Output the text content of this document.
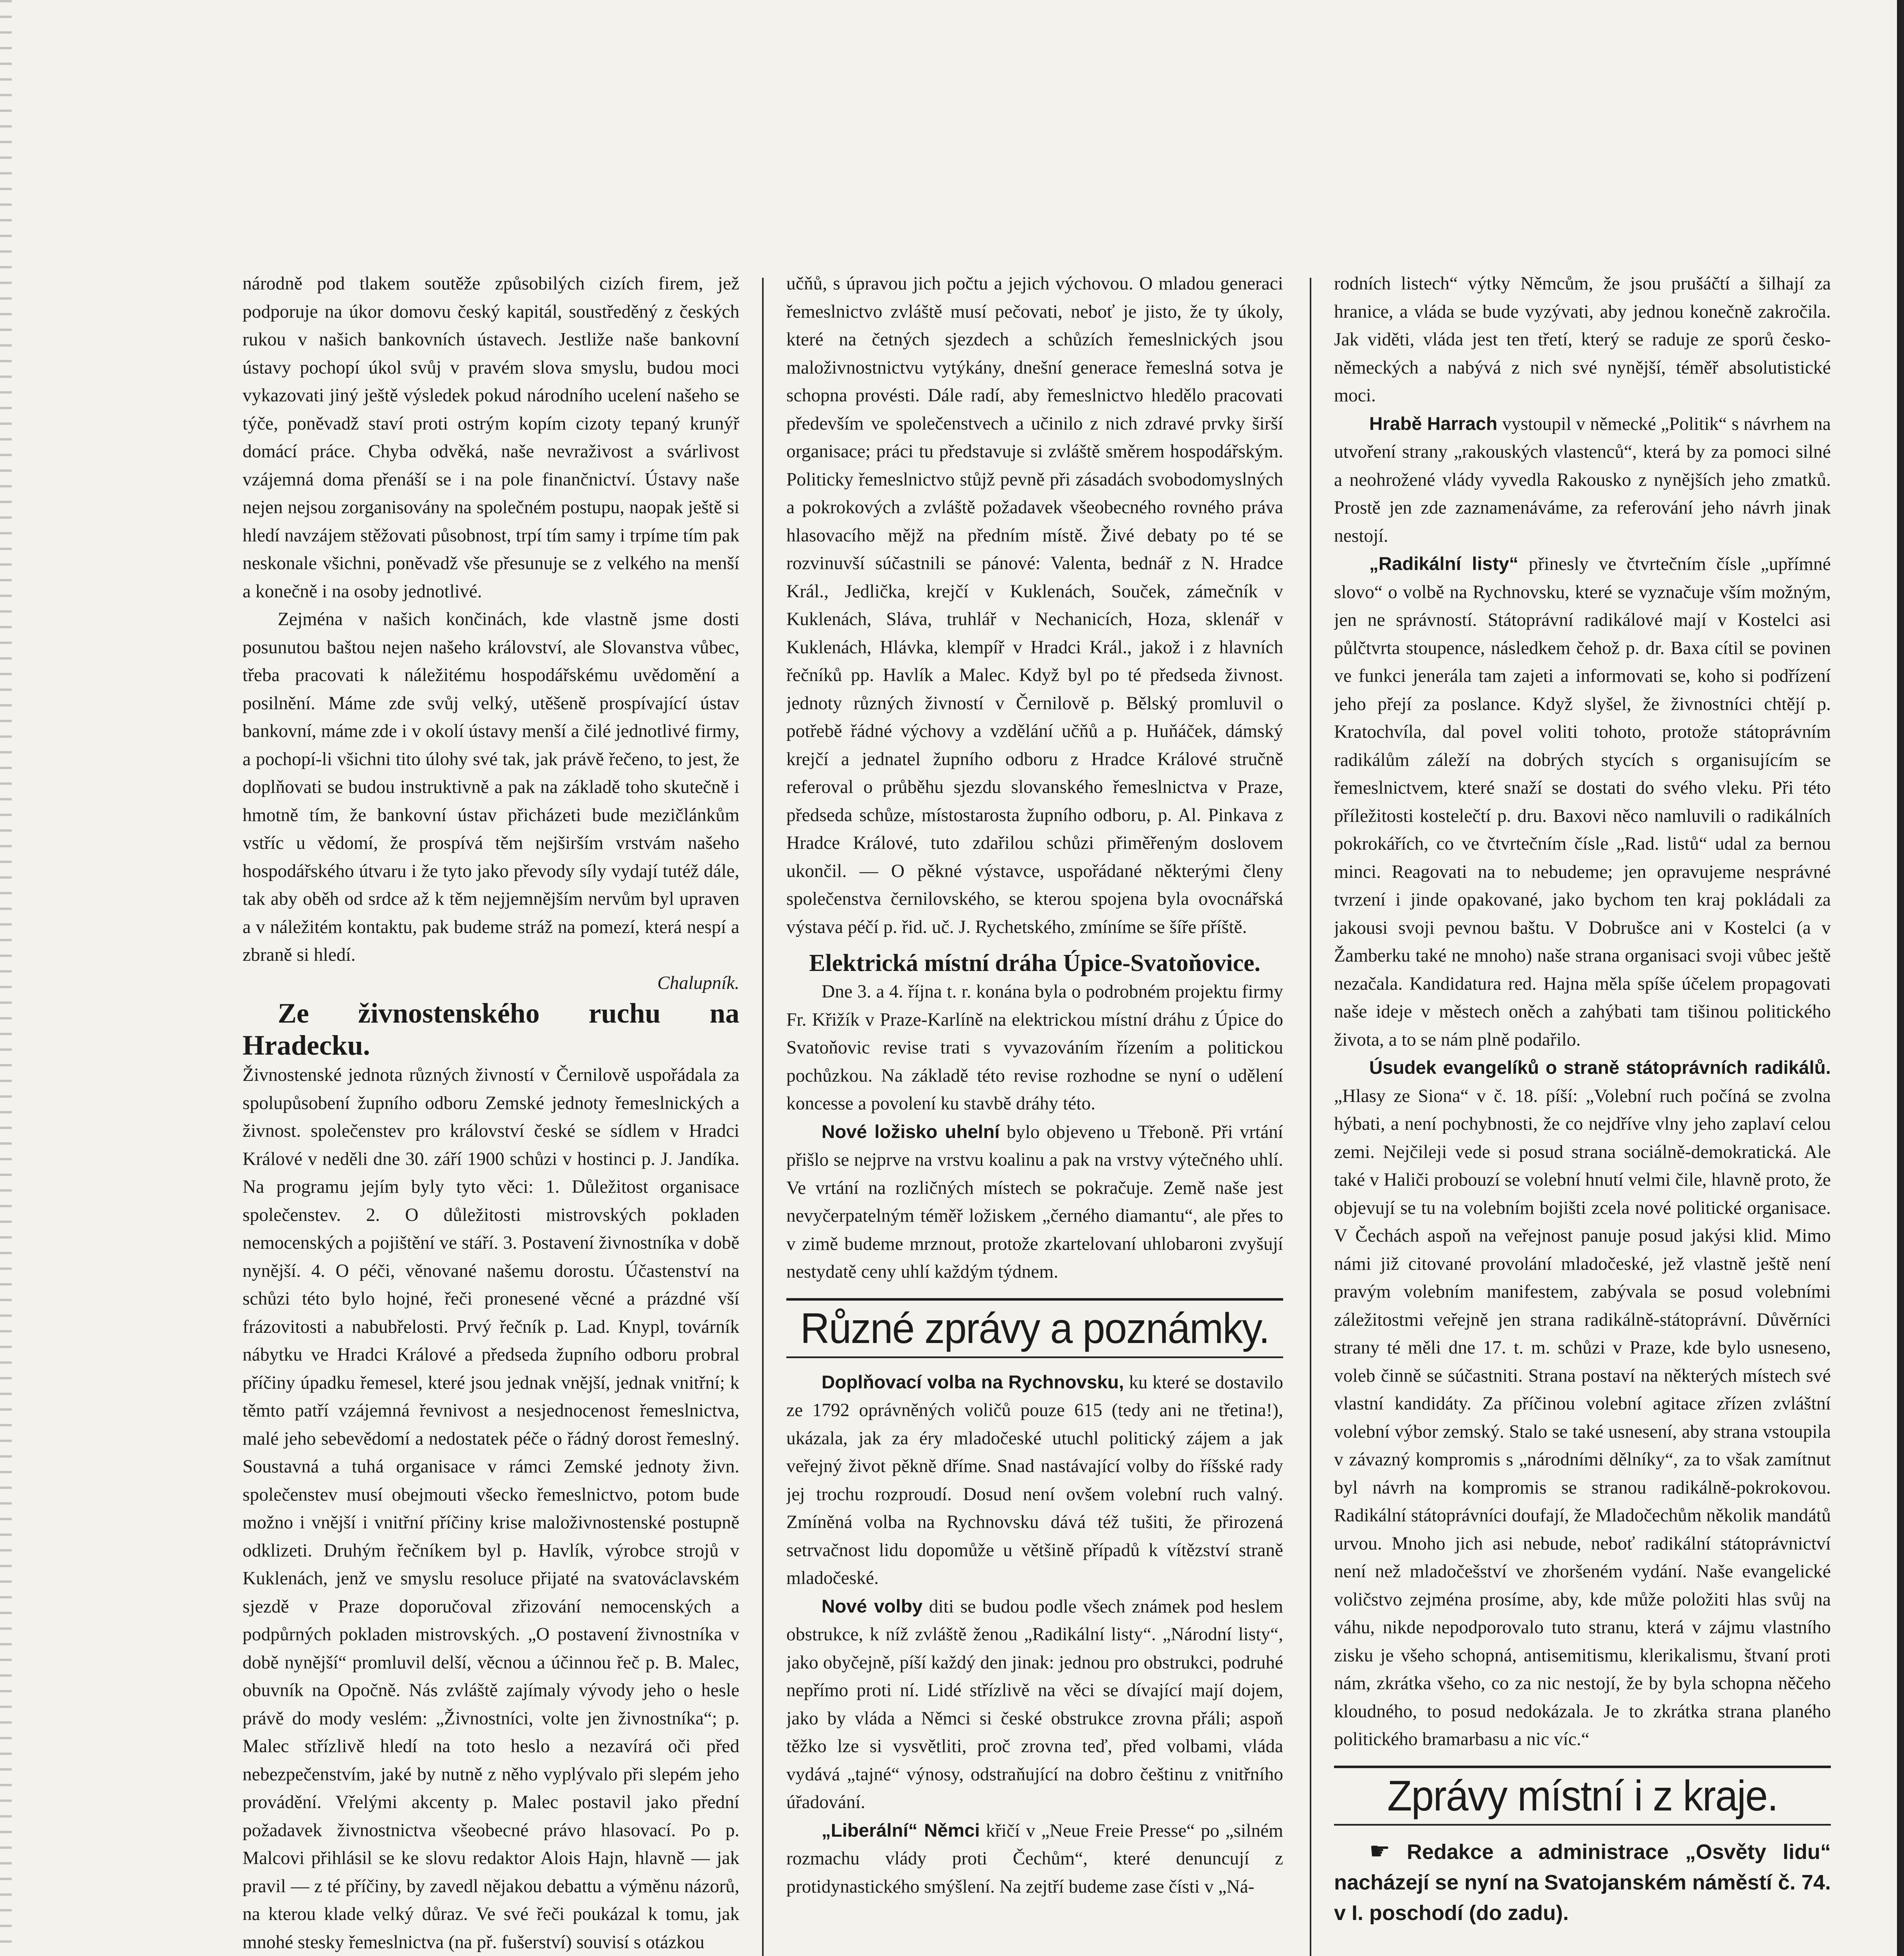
národně pod tlakem soutěže způsobilých cizích firem, jež podporuje na úkor domovu český kapitál, soustředěný z českých rukou v našich bankovních ústavech. Jestliže naše bankovní ústavy pochopí úkol svůj v pravém slova smyslu, budou moci vykazovati jiný ještě výsledek pokud národního ucelení našeho se týče, poněvadž staví proti ostrým kopím cizoty tepaný krunýř domácí práce. Chyba odvěká, naše nevraživost a svárlivost vzájemná doma přenáší se i na pole finančnictví. Ústavy naše nejen nejsou zorganisovány na společném postupu, naopak ještě si hledí navzájem stěžovati působnost, trpí tím samy i trpíme tím pak neskonale všichni, poněvadž vše přesunuje se z velkého na menší a konečně i na osoby jednotlivé.

Zejména v našich končinách, kde vlastně jsme dosti posunutou baštou nejen našeho království, ale Slovanstva vůbec, třeba pracovati k náležitému hospodářskému uvědomění a posilnění. Máme zde svůj velký, utěšeně prospívající ústav bankovní, máme zde i v okolí ústavy menší a čilé jednotlivé firmy, a pochopí-li všichni tito úlohy své tak, jak právě řečeno, to jest, že doplňovati se budou instruktivně a pak na základě toho skutečně i hmotně tím, že bankovní ústav přicházeti bude mezičlánkům vstříc u vědomí, že prospívá těm nejširším vrstvám našeho hospodářského útvaru i že tyto jako převody síly vydají tutéž dále, tak aby oběh od srdce až k těm nejjemnějším nervům byl upraven a v náležitém kontaktu, pak budeme stráž na pomezí, která nespí a zbraně si hledí.

Chalupník.

Ze živnostenského ruchu na Hradecku.

Živnostenské jednota různých živností v Černilově uspořádala za spolupůsobení župního odboru Zemské jednoty řemeslnických a živnost. společenstev pro království české se sídlem v Hradci Králové v neděli dne 30. září 1900 schůzi v hostinci p. J. Jandíka. Na programu jejím byly tyto věci: 1. Důležitost organisace společenstev. 2. O důležitosti mistrovských pokladen nemocenských a pojištění ve stáří. 3. Postavení živnostníka v době nynější. 4. O péči, věnované našemu dorostu. Účastenství na schůzi této bylo hojné, řeči pronesené věcné a prázdné vší frázovitosti a nabubřelosti. Prvý řečník p. Lad. Knypl, továrník nábytku ve Hradci Králové a předseda župního odboru probral příčiny úpadku řemesel, které jsou jednak vnější, jednak vnitřní; k těmto patří vzájemná řevnivost a nesjednocenost řemeslnictva, malé jeho sebevědomí a nedostatek péče o řádný dorost řemeslný. Soustavná a tuhá organisace v rámci Zemské jednoty živn. společenstev musí obejmouti všecko řemeslnictvo, potom bude možno i vnější i vnitřní příčiny krise maloživnostenské postupně odklizeti. Druhým řečníkem byl p. Havlík, výrobce strojů v Kuklenách, jenž ve smyslu resoluce přijaté na svatováclavském sjezdě v Praze doporučoval zřizování nemocenských a podpůrných pokladen mistrovských. „O postavení živnostníka v době nynější“ promluvil delší, věcnou a účinnou řeč p. B. Malec, obuvník na Opočně. Nás zvláště zajímaly vývody jeho o hesle právě do mody veslém: „Živnostníci, volte jen živnostníka“; p. Malec střízlivě hledí na toto heslo a nezavírá oči před nebezpečenstvím, jaké by nutně z něho vyplývalo při slepém jeho provádění. Vřelými akcenty p. Malec postavil jako přední požadavek živnostnictva všeobecné právo hlasovací. Po p. Malcovi přihlásil se ke slovu redaktor Alois Hajn, hlavně — jak pravil — z té příčiny, by zavedl nějakou debattu a výměnu názorů, na kterou klade velký důraz. Ve své řeči poukázal k tomu, jak mnohé stesky řemeslnictva (na př. fušerství) souvisí s otázkou

učňů, s úpravou jich počtu a jejich výchovou. O mladou generaci řemeslnictvo zvláště musí pečovati, neboť je jisto, že ty úkoly, které na četných sjezdech a schůzích řemeslnických jsou maloživnostnictvu vytýkány, dnešní generace řemeslná sotva je schopna provésti. Dále radí, aby řemeslnictvo hledělo pracovati především ve společenstvech a učinilo z nich zdravé prvky širší organisace; práci tu představuje si zvláště směrem hospodářským. Politicky řemeslnictvo stůjž pevně při zásadách svobodomyslných a pokrokových a zvláště požadavek všeobecného rovného práva hlasovacího mějž na předním místě. Živé debaty po té se rozvinuvší súčastnili se pánové: Valenta, bednář z N. Hradce Král., Jedlička, krejčí v Kuklenách, Souček, zámečník v Kuklenách, Sláva, truhlář v Nechanicích, Hoza, sklenář v Kuklenách, Hlávka, klempíř v Hradci Král., jakož i z hlavních řečníků pp. Havlík a Malec. Když byl po té předseda živnost. jednoty různých živností v Černilově p. Bělský promluvil o potřebě řádné výchovy a vzdělání učňů a p. Huňáček, dámský krejčí a jednatel župního odboru z Hradce Králové stručně referoval o průběhu sjezdu slovanského řemeslnictva v Praze, předseda schůze, místostarosta župního odboru, p. Al. Pinkava z Hradce Králové, tuto zdařilou schůzi přiměřeným doslovem ukončil. — O pěkné výstavce, uspořádané některými členy společenstva černilovského, se kterou spojena byla ovocnářská výstava péčí p. řid. uč. J. Rychetského, zmíníme se šíře příště.

Elektrická místní dráha Úpice-Svatoňovice.

Dne 3. a 4. října t. r. konána byla o podrobném projektu firmy Fr. Křižík v Praze-Karlíně na elektrickou místní dráhu z Úpice do Svatoňovic revise trati s vyvazováním řízením a politickou pochůzkou. Na základě této revise rozhodne se nyní o udělení koncesse a povolení ku stavbě dráhy této.

Nové ložisko uhelní bylo objeveno u Třeboně. Při vrtání přišlo se nejprve na vrstvu koalinu a pak na vrstvy výtečného uhlí. Ve vrtání na rozličných místech se pokračuje. Země naše jest nevyčerpatelným téměř ložiskem „černého diamantu“, ale přes to v zimě budeme mrznout, protože zkartelovaní uhlobaroni zvyšují nestydatě ceny uhlí každým týdnem.

Různé zprávy a poznámky.

Doplňovací volba na Rychnovsku, ku které se dostavilo ze 1792 oprávněných voličů pouze 615 (tedy ani ne třetina!), ukázala, jak za éry mladočeské utuchl politický zájem a jak veřejný život pěkně dříme. Snad nastávající volby do říšské rady jej trochu rozproudí. Dosud není ovšem volební ruch valný. Zmíněná volba na Rychnovsku dává též tušiti, že přirozená setrvačnost lidu dopomůže u většině případů k vítězství straně mladočeské.

Nové volby diti se budou podle všech známek pod heslem obstrukce, k níž zvláště ženou „Radikální listy“. „Národní listy“, jako obyčejně, píší každý den jinak: jednou pro obstrukci, podruhé nepřímo proti ní. Lidé střízlivě na věci se dívající mají dojem, jako by vláda a Němci si české obstrukce zrovna přáli; aspoň těžko lze si vysvětliti, proč zrovna teď, před volbami, vláda vydává „tajné“ výnosy, odstraňující na dobro češtinu z vnitřního úřadování.

„Liberální“ Němci křičí v „Neue Freie Presse“ po „silném rozmachu vlády proti Čechům“, které denuncují z protidynastického smýšlení. Na zejtří budeme zase čísti v „Ná-

rodních listech“ výtky Němcům, že jsou prušáčtí a šilhají za hranice, a vláda se bude vyzývati, aby jednou konečně zakročila. Jak viděti, vláda jest ten třetí, který se raduje ze sporů česko-německých a nabývá z nich své nynější, téměř absolutistické moci.

Hrabě Harrach vystoupil v německé „Politik“ s návrhem na utvoření strany „rakouských vlastenců“, která by za pomoci silné a neohrožené vlády vyvedla Rakousko z nynějších jeho zmatků. Prostě jen zde zaznamenáváme, za referování jeho návrh jinak nestojí.

„Radikální listy“ přinesly ve čtvrtečním čísle „upřímné slovo“ o volbě na Rychnovsku, které se vyznačuje vším možným, jen ne správností. Státoprávní radikálové mají v Kostelci asi půlčtvrta stoupence, následkem čehož p. dr. Baxa cítil se povinen ve funkci jenerála tam zajeti a informovati se, koho si podřízení jeho přejí za poslance. Když slyšel, že živnostníci chtějí p. Kratochvíla, dal povel voliti tohoto, protože státoprávním radikálům záleží na dobrých stycích s organisujícím se řemeslnictvem, které snaží se dostati do svého vleku. Při této příležitosti kostelečtí p. dru. Baxovi něco namluvili o radikálních pokrokářích, co ve čtvrtečním čísle „Rad. listů“ udal za bernou minci. Reagovati na to nebudeme; jen opravujeme nesprávné tvrzení i jinde opakované, jako bychom ten kraj pokládali za jakousi svoji pevnou baštu. V Dobrušce ani v Kostelci (a v Žamberku také ne mnoho) naše strana organisaci svoji vůbec ještě nezačala. Kandidatura red. Hajna měla spíše účelem propagovati naše ideje v městech oněch a zahýbati tam tišinou politického života, a to se nám plně podařilo.

Úsudek evangelíků o straně státoprávních radikálů. „Hlasy ze Siona“ v č. 18. píší: „Volební ruch počíná se zvolna hýbati, a není pochybnosti, že co nejdříve vlny jeho zaplaví celou zemi. Nejčileji vede si posud strana sociálně-demokratická. Ale také v Haliči probouzí se volební hnutí velmi čile, hlavně proto, že objevují se tu na volebním bojišti zcela nové politické organisace. V Čechách aspoň na veřejnost panuje posud jakýsi klid. Mimo námi již citované provolání mladočeské, jež vlastně ještě není pravým volebním manifestem, zabývala se posud volebními záležitostmi veřejně jen strana radikálně-státoprávní. Důvěrníci strany té měli dne 17. t. m. schůzi v Praze, kde bylo usneseno, voleb činně se súčastniti. Strana postaví na některých místech své vlastní kandidáty. Za příčinou volební agitace zřízen zvláštní volební výbor zemský. Stalo se také usnesení, aby strana vstoupila v závazný kompromis s „národními dělníky“, za to však zamítnut byl návrh na kompromis se stranou radikálně-pokrokovou. Radikální státoprávníci doufají, že Mladočechům několik mandátů urvou. Mnoho jich asi nebude, neboť radikální státoprávnictví není než mladočešství ve zhoršeném vydání. Naše evangelické voličstvo zejména prosíme, aby, kde může položiti hlas svůj na váhu, nikde nepodporovalo tuto stranu, která v zájmu vlastního zisku je všeho schopná, antisemitismu, klerikalismu, štvaní proti nám, zkrátka všeho, co za nic nestojí, že by byla schopna něčeho kloudného, to posud nedokázala. Je to zkrátka strana planého politického bramarbasu a nic víc.“

Zprávy místní i z kraje.

☛ Redakce a administrace „Osvěty lidu“ nacházejí se nyní na Svatojanském náměstí č. 74. v I. poschodí (do zadu).
